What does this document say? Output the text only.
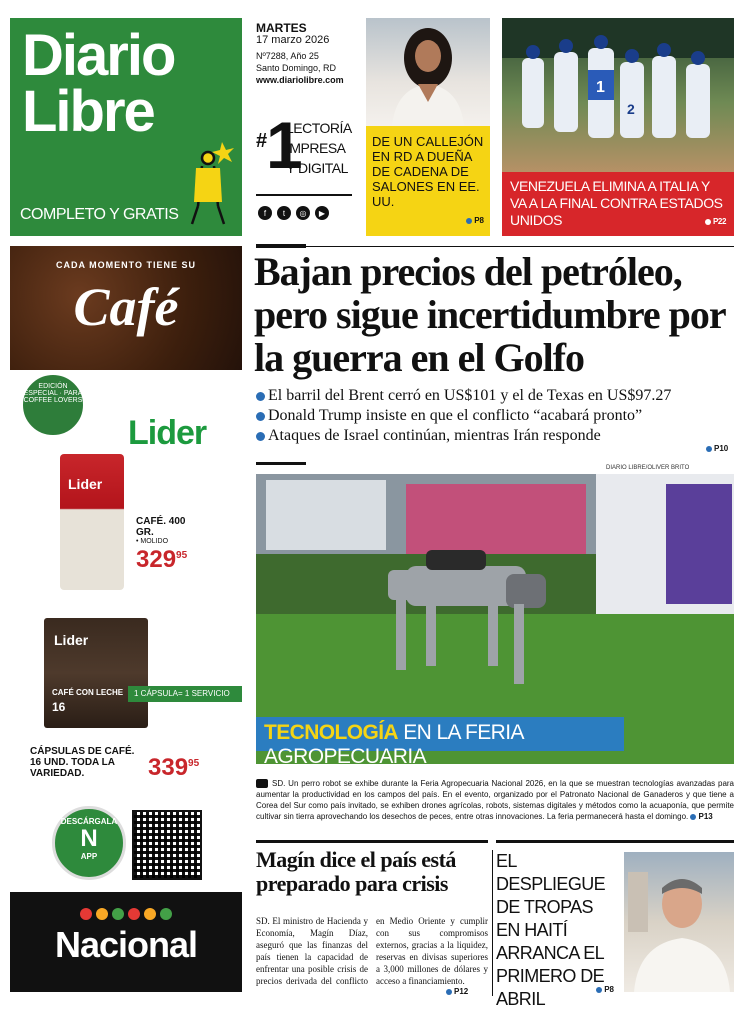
Diario
Libre
COMPLETO Y GRATIS
MARTES
17 marzo 2026
Nº7288, Año 25
Santo Domingo, RD
www.diariolibre.com
#
1
LECTORÍA
IMPRESA
Y DIGITAL
f	t	◎	▶
DE UN CALLEJÓN EN RD A DUEÑA DE CADENA DE SALONES EN EE. UU.
P8
1
2
VENEZUELA ELIMINA A ITALIA Y VA A LA FINAL CONTRA ESTADOS UNIDOS	P22
CADA MOMENTO TIENE SU
Café
EDICIÓN ESPECIAL · PARA COFFEE LOVERS
Lider
Lider
CAFÉ. 400 GR.
• MOLIDO
$329^{95}$
Lider
CAFÉ CON LECHE
16
1 CÁPSULA= 1 SERVICIO
CÁPSULAS DE CAFÉ. 16 UND. TODA LA VARIEDAD.	$339^{95}$
DESCÁRGALA
N
APP
Nacional
Bajan precios del petróleo, pero sigue incertidumbre por la guerra en el Golfo
El barril del Brent cerró en US$101 y el de Texas en US$97.27
Donald Trump insiste en que el conflicto “acabará pronto”
Ataques de Israel continúan, mientras Irán responde
P10
DIARIO LIBRE/OLIVER BRITO
TECNOLOGÍA EN LA FERIA AGROPECUARIA
SD. Un perro robot se exhibe durante la Feria Agropecuaria Nacional 2026, en la que se muestran tecnologías avanzadas para aumentar la productividad en los campos del país. En el evento, organizado por el Patronato Nacional de Ganaderos y que tiene a Corea del Sur como país invitado, se exhiben drones agrícolas, robots, sistemas digitales y métodos como la acuaponía, que permite cultivar sin tierra aprovechando los desechos de peces, entre otras innovaciones. La feria permanecerá hasta el domingo. P13
Magín dice el país está preparado para crisis
SD. El ministro de Hacienda y Economía, Magín Díaz, aseguró que las finanzas del país tienen la capacidad de enfrentar una posible crisis de precios derivada del conflicto en Medio Oriente y cumplir con sus compromisos externos, gracias a la liquidez, reservas en divisas superiores a 3,000 millones de dólares y acceso a financiamiento.
P12
EL DESPLIEGUE DE TROPAS EN HAITÍ ARRANCA EL PRIMERO DE ABRIL	P8
